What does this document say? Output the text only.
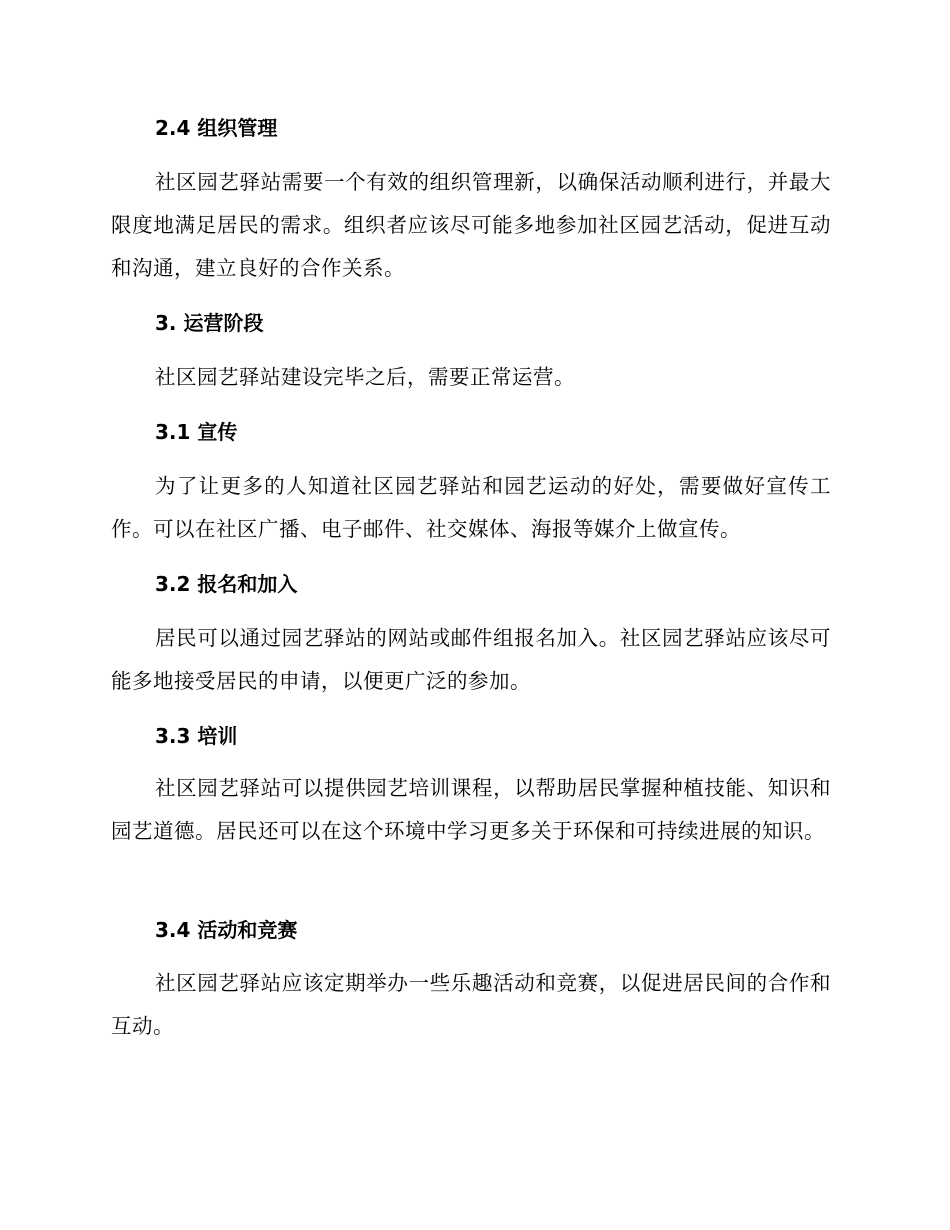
2.4 组织管理

社区园艺驿站需要一个有效的组织管理新，以确保活动顺利进行，并最大限度地满足居民的需求。组织者应该尽可能多地参加社区园艺活动，促进互动和沟通，建立良好的合作关系。

3. 运营阶段

社区园艺驿站建设完毕之后，需要正常运营。

3.1 宣传

为了让更多的人知道社区园艺驿站和园艺运动的好处，需要做好宣传工作。可以在社区广播、电子邮件、社交媒体、海报等媒介上做宣传。

3.2 报名和加入

居民可以通过园艺驿站的网站或邮件组报名加入。社区园艺驿站应该尽可能多地接受居民的申请，以便更广泛的参加。

3.3 培训

社区园艺驿站可以提供园艺培训课程，以帮助居民掌握种植技能、知识和园艺道德。居民还可以在这个环境中学习更多关于环保和可持续进展的知识。

3.4 活动和竞赛

社区园艺驿站应该定期举办一些乐趣活动和竞赛，以促进居民间的合作和互动。
